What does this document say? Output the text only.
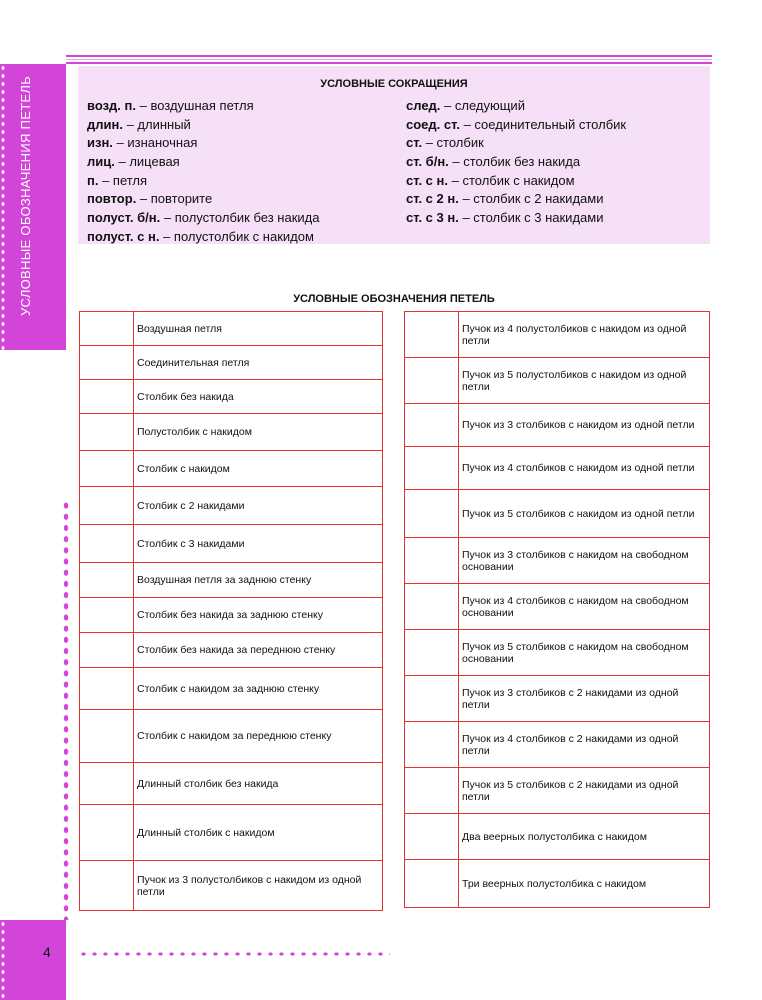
УСЛОВНЫЕ ОБОЗНАЧЕНИЯ ПЕТЕЛЬ
4
УСЛОВНЫЕ СОКРАЩЕНИЯ
возд. п. – воздушная петля
длин. – длинный
изн. – изнаночная
лиц. – лицевая
п. – петля
повтор. – повторите
полуст. б/н. – полустолбик без накида
полуст. с н. – полустолбик с накидом
след. – следующий
соед. ст. – соединительный столбик
ст. – столбик
ст. б/н. – столбик без накида
ст. с н. – столбик с накидом
ст. с 2 н. – столбик с 2 накидами
ст. с 3 н. – столбик с 3 накидами
УСЛОВНЫЕ ОБОЗНАЧЕНИЯ ПЕТЕЛЬ
	Воздушная петля

	Соединительная петля

	Столбик без накида

	Полустолбик с накидом

	Столбик с накидом

	Столбик с 2 накидами

	Столбик с 3 накидами

	Воздушная петля за заднюю стенку

	Столбик без накида за заднюю стенку

	Столбик без накида за переднюю стенку

	Столбик с накидом за заднюю стенку

	Столбик с накидом за переднюю стенку

	Длинный столбик без накида

	Длинный столбик с накидом

	Пучок из 3 полустолбиков с накидом из одной петли
	Пучок из 4 полустолбиков с накидом из одной петли

	Пучок из 5 полустолбиков с накидом из одной петли

	Пучок из 3 столбиков с накидом из одной петли

	Пучок из 4 столбиков с накидом из одной петли

	Пучок из 5 столбиков с накидом из одной петли

	Пучок из 3 столбиков с накидом на свободном основании

	Пучок из 4 столбиков с накидом на свободном основании

	Пучок из 5 столбиков с накидом на свободном основании

	Пучок из 3 столбиков с 2 накидами из одной петли

	Пучок из 4 столбиков с 2 накидами из одной петли

	Пучок из 5 столбиков с 2 накидами из одной петли

	Два веерных полустолбика с накидом

	Три веерных полустолбика с накидом
